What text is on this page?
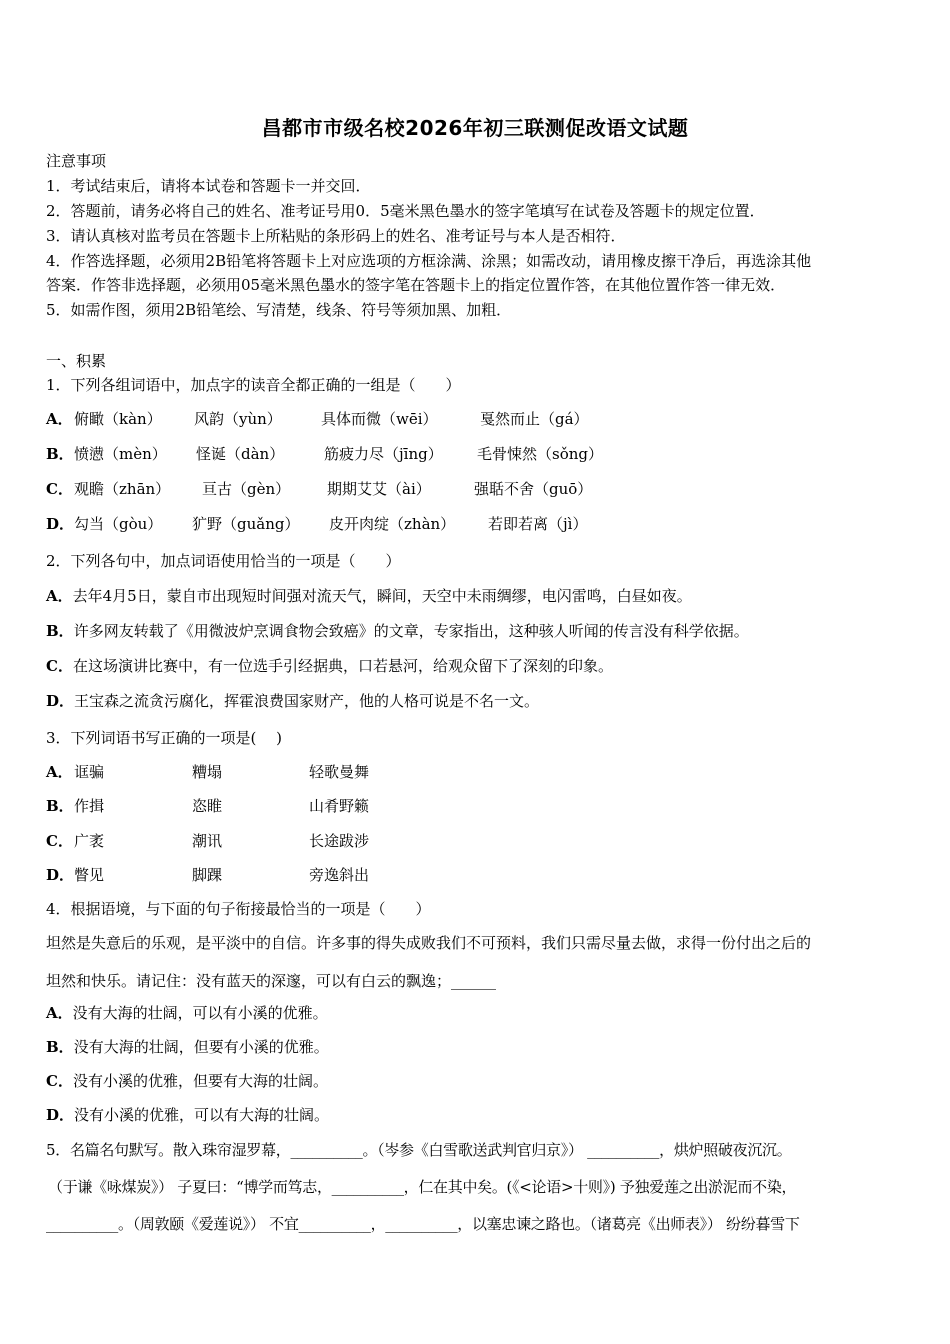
昌都市市级名校2026年初三联测促改语文试题
注意事项
1．考试结束后，请将本试卷和答题卡一并交回．
2．答题前，请务必将自己的姓名、准考证号用0．5毫米黑色墨水的签字笔填写在试卷及答题卡的规定位置．
3．请认真核对监考员在答题卡上所粘贴的条形码上的姓名、准考证号与本人是否相符．
4．作答选择题，必须用2B铅笔将答题卡上对应选项的方框涂满、涂黑；如需改动，请用橡皮擦干净后，再选涂其他
答案．作答非选择题，必须用05毫米黑色墨水的签字笔在答题卡上的指定位置作答，在其他位置作答一律无效．
5．如需作图，须用2B铅笔绘、写清楚，线条、符号等须加黑、加粗．
一、积累
1．下列各组词语中，加点字的读音全都正确的一组是（　　）
A． 俯瞰（kàn） 风韵（yùn）	具体而微（wēi）	戛然而止（gá）
B． 愤懑（mèn） 怪诞（dàn）	筋疲力尽（jīng） 毛骨悚然（sǒng）
C． 观瞻（zhān） 亘古（gèn） 期期艾艾（ài）	强聒不舍（guō）
D． 勾当（gòu） 犷野（guǎng） 皮开肉绽（zhàn） 若即若离（jì）
2．下列各句中，加点词语使用恰当的一项是（　　）
A．去年4月5日，蒙自市出现短时间强对流天气，瞬间，天空中未雨绸缪，电闪雷鸣，白昼如夜。
B．许多网友转载了《用微波炉烹调食物会致癌》的文章，专家指出，这种骇人听闻的传言没有科学依据。
C．在这场演讲比赛中，有一位选手引经据典，口若悬河，给观众留下了深刻的印象。
D．王宝森之流贪污腐化，挥霍浪费国家财产，他的人格可说是不名一文。
3．下列词语书写正确的一项是(　 )
A． 诓骗	糟塌	轻歌曼舞
B． 作揖	恣睢	山肴野籁
C． 广袤	潮讯	长途跋涉
D． 瞥见	脚踝	旁逸斜出
4．根据语境，与下面的句子衔接最恰当的一项是（　　）
坦然是失意后的乐观，是平淡中的自信。许多事的得失成败我们不可预料，我们只需尽量去做，求得一份付出之后的
坦然和快乐。请记住：没有蓝天的深邃，可以有白云的飘逸；______
A．没有大海的壮阔，可以有小溪的优雅。
B．没有大海的壮阔，但要有小溪的优雅。
C．没有小溪的优雅，但要有大海的壮阔。
D．没有小溪的优雅，可以有大海的壮阔。
5．名篇名句默写。散入珠帘湿罗幕，__________。（岑参《白雪歌送武判官归京》） __________，烘炉照破夜沉沉。
（于谦《咏煤炭》） 子夏曰：“博学而笃志，__________，仁在其中矣。(《<论语>十则》) 予独爱莲之出淤泥而不染，
__________。（周敦颐《爱莲说》） 不宜__________，__________，以塞忠谏之路也。（诸葛亮《出师表》） 纷纷暮雪下
